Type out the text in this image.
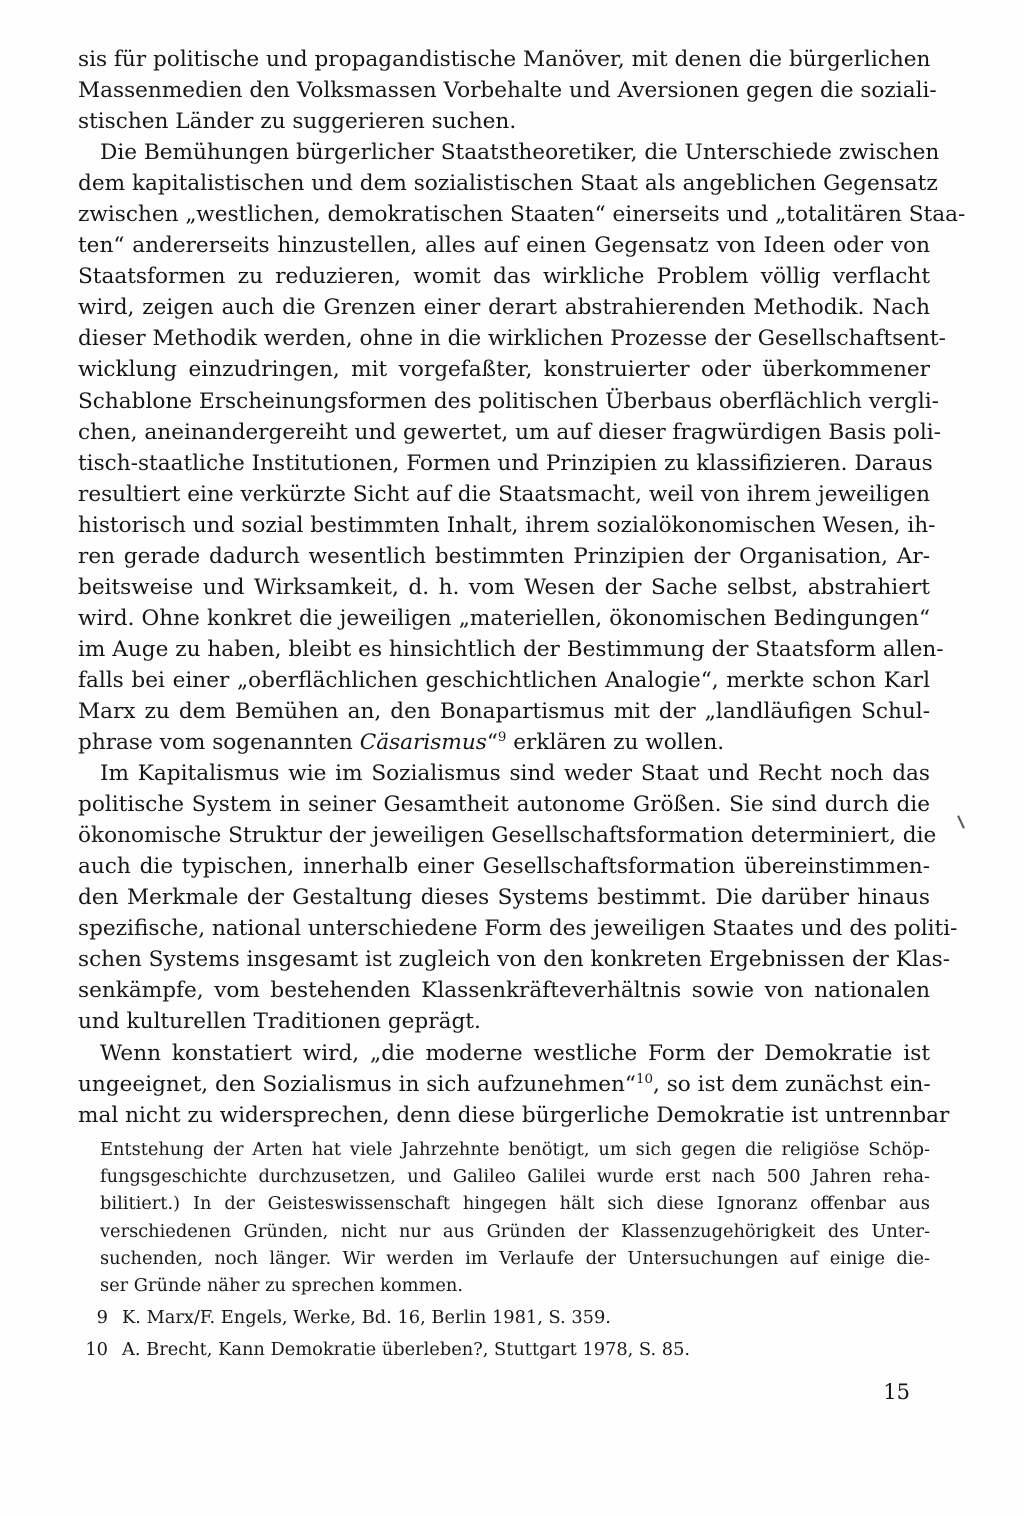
sis für politische und propagandistische Manöver, mit denen die bürgerlichen
Massenmedien den Volksmassen Vorbehalte und Aversionen gegen die soziali-
stischen Länder zu suggerieren suchen.
Die Bemühungen bürgerlicher Staatstheoretiker, die Unterschiede zwischen
dem kapitalistischen und dem sozialistischen Staat als angeblichen Gegensatz
zwischen „westlichen, demokratischen Staaten“ einerseits und „totalitären Staa-
ten“ andererseits hinzustellen, alles auf einen Gegensatz von Ideen oder von
Staatsformen zu reduzieren, womit das wirkliche Problem völlig verflacht
wird, zeigen auch die Grenzen einer derart abstrahierenden Methodik. Nach
dieser Methodik werden, ohne in die wirklichen Prozesse der Gesellschaftsent-
wicklung einzudringen, mit vorgefaßter, konstruierter oder überkommener
Schablone Erscheinungsformen des politischen Überbaus oberflächlich vergli-
chen, aneinandergereiht und gewertet, um auf dieser fragwürdigen Basis poli-
tisch-staatliche Institutionen, Formen und Prinzipien zu klassifizieren. Daraus
resultiert eine verkürzte Sicht auf die Staatsmacht, weil von ihrem jeweiligen
historisch und sozial bestimmten Inhalt, ihrem sozialökonomischen Wesen, ih-
ren gerade dadurch wesentlich bestimmten Prinzipien der Organisation, Ar-
beitsweise und Wirksamkeit, d. h. vom Wesen der Sache selbst, abstrahiert
wird. Ohne konkret die jeweiligen „materiellen, ökonomischen Bedingungen“
im Auge zu haben, bleibt es hinsichtlich der Bestimmung der Staatsform allen-
falls bei einer „oberflächlichen geschichtlichen Analogie“, merkte schon Karl
Marx zu dem Bemühen an, den Bonapartismus mit der „landläufigen Schul-
phrase vom sogenannten Cäsarismus“$^9$ erklären zu wollen.
Im Kapitalismus wie im Sozialismus sind weder Staat und Recht noch das
politische System in seiner Gesamtheit autonome Größen. Sie sind durch die
ökonomische Struktur der jeweiligen Gesellschaftsformation determiniert, die
auch die typischen, innerhalb einer Gesellschaftsformation übereinstimmen-
den Merkmale der Gestaltung dieses Systems bestimmt. Die darüber hinaus
spezifische, national unterschiedene Form des jeweiligen Staates und des politi-
schen Systems insgesamt ist zugleich von den konkreten Ergebnissen der Klas-
senkämpfe, vom bestehenden Klassenkräfteverhältnis sowie von nationalen
und kulturellen Traditionen geprägt.
Wenn konstatiert wird, „die moderne westliche Form der Demokratie ist
ungeeignet, den Sozialismus in sich aufzunehmen“$^{10}$, so ist dem zunächst ein-
mal nicht zu widersprechen, denn diese bürgerliche Demokratie ist untrennbar
Entstehung der Arten hat viele Jahrzehnte benötigt, um sich gegen die religiöse Schöp-
fungsgeschichte durchzusetzen, und Galileo Galilei wurde erst nach 500 Jahren reha-
bilitiert.) In der Geisteswissenschaft hingegen hält sich diese Ignoranz offenbar aus
verschiedenen Gründen, nicht nur aus Gründen der Klassenzugehörigkeit des Unter-
suchenden, noch länger. Wir werden im Verlaufe der Untersuchungen auf einige die-
ser Gründe näher zu sprechen kommen.
9 K. Marx/F. Engels, Werke, Bd. 16, Berlin 1981, S. 359.
10 A. Brecht, Kann Demokratie überleben?, Stuttgart 1978, S. 85.
15
